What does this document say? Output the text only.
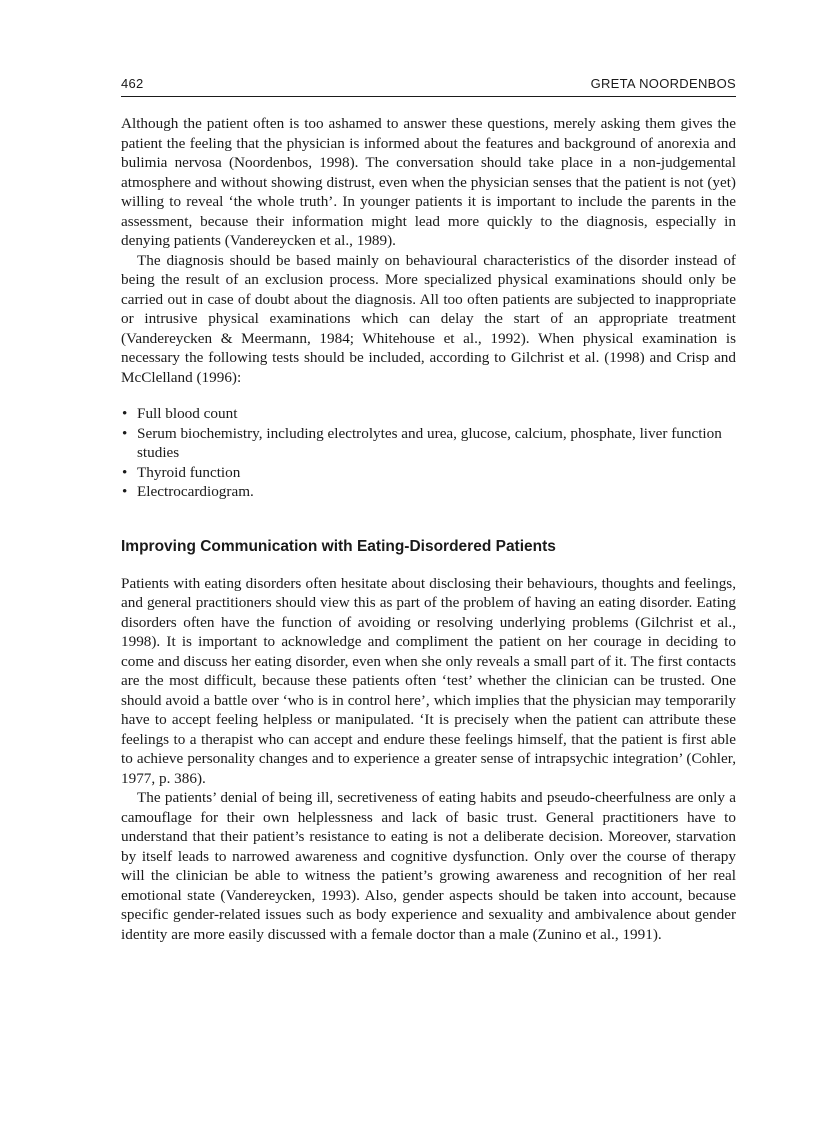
462	GRETA NOORDENBOS

Although the patient often is too ashamed to answer these questions, merely asking them gives the patient the feeling that the physician is informed about the features and background of anorexia and bulimia nervosa (Noordenbos, 1998). The conversation should take place in a non-judgemental atmosphere and without showing distrust, even when the physician senses that the patient is not (yet) willing to reveal ‘the whole truth’. In younger patients it is important to include the parents in the assessment, because their information might lead more quickly to the diagnosis, especially in denying patients (Vandereycken et al., 1989).

The diagnosis should be based mainly on behavioural characteristics of the disorder instead of being the result of an exclusion process. More specialized physical examinations should only be carried out in case of doubt about the diagnosis. All too often patients are subjected to inappropriate or intrusive physical examinations which can delay the start of an appropriate treatment (Vandereycken & Meermann, 1984; Whitehouse et al., 1992). When physical examination is necessary the following tests should be included, according to Gilchrist et al. (1998) and Crisp and McClelland (1996):

• Full blood count
• Serum biochemistry, including electrolytes and urea, glucose, calcium, phosphate, liver function studies
• Thyroid function
• Electrocardiogram.
Improving Communication with Eating-Disordered Patients

Patients with eating disorders often hesitate about disclosing their behaviours, thoughts and feelings, and general practitioners should view this as part of the problem of having an eating disorder. Eating disorders often have the function of avoiding or resolving underlying problems (Gilchrist et al., 1998). It is important to acknowledge and compliment the patient on her courage in deciding to come and discuss her eating disorder, even when she only reveals a small part of it. The first contacts are the most difficult, because these patients often ‘test’ whether the clinician can be trusted. One should avoid a battle over ‘who is in control here’, which implies that the physician may temporarily have to accept feeling helpless or manipulated. ‘It is precisely when the patient can attribute these feelings to a therapist who can accept and endure these feelings himself, that the patient is first able to achieve personality changes and to experience a greater sense of intrapsychic integration’ (Cohler, 1977, p. 386).

The patients’ denial of being ill, secretiveness of eating habits and pseudo-cheerfulness are only a camouflage for their own helplessness and lack of basic trust. General practitioners have to understand that their patient’s resistance to eating is not a deliberate decision. Moreover, starvation by itself leads to narrowed awareness and cognitive dysfunction. Only over the course of therapy will the clinician be able to witness the patient’s growing awareness and recognition of her real emotional state (Vandereycken, 1993). Also, gender aspects should be taken into account, because specific gender-related issues such as body experience and sexuality and ambivalence about gender identity are more easily discussed with a female doctor than a male (Zunino et al., 1991).
